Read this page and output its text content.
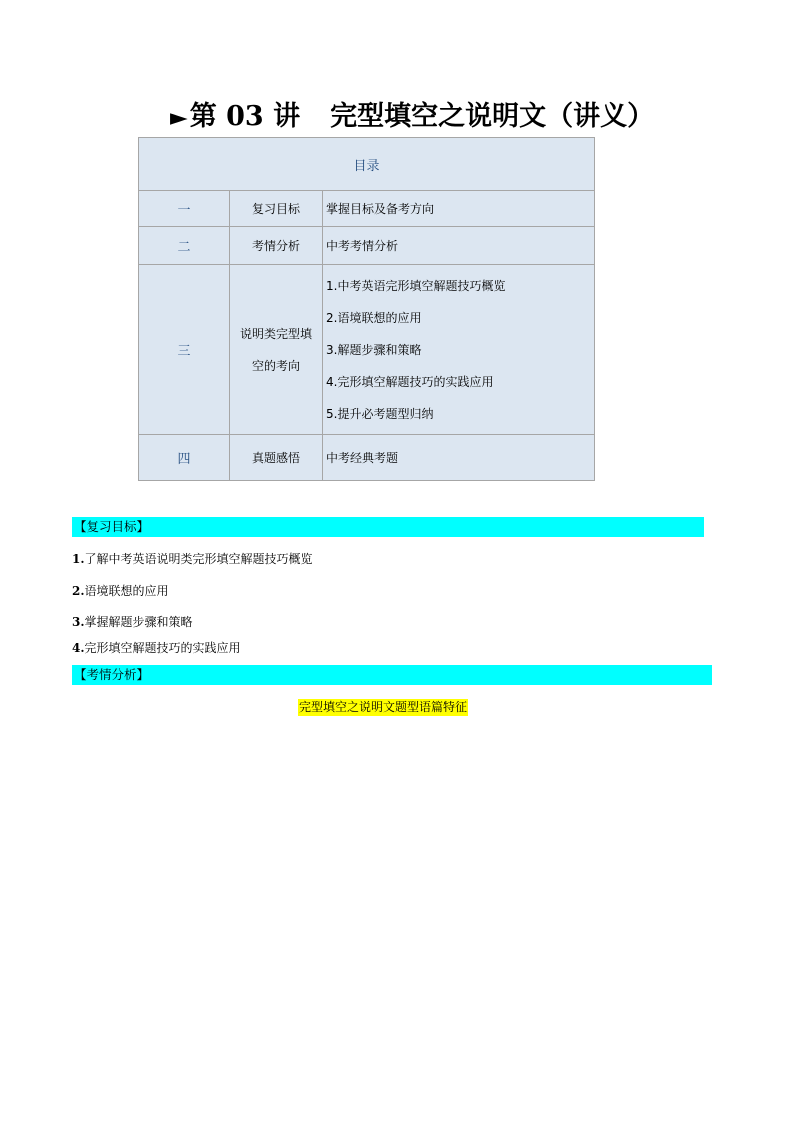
►第 03 讲 完型填空之说明文（讲义）
目录		
一	复习目标	掌握目标及备考方向
二	考情分析	中考考情分析
三	说明类完型填
空的考向	1.中考英语完形填空解题技巧概览
2.语境联想的应用
3.解题步骤和策略
4.完形填空解题技巧的实践应用
5.提升必考题型归纳

四	真题感悟	中考经典考题
【复习目标】
1.了解中考英语说明类完形填空解题技巧概览
2.语境联想的应用
3.掌握解题步骤和策略
4.完形填空解题技巧的实践应用
【考情分析】
完型填空之说明文题型语篇特征
